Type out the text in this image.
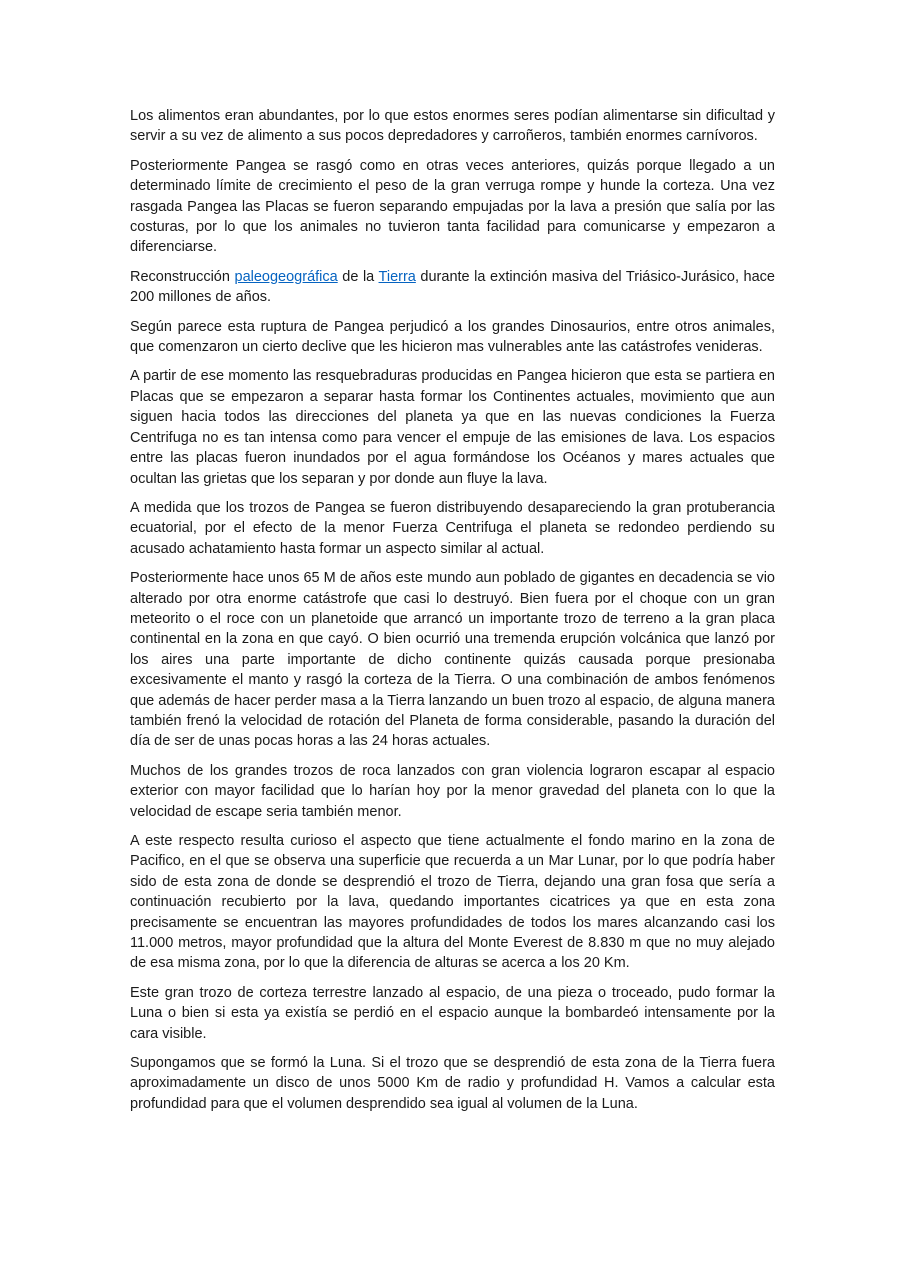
Los alimentos eran abundantes, por lo que estos enormes seres podían alimentarse sin dificultad y servir a su vez de alimento a sus pocos depredadores y carroñeros, también enormes carnívoros.

Posteriormente Pangea se rasgó como en otras veces anteriores, quizás porque llegado a un determinado límite de crecimiento el peso de la gran verruga rompe y hunde la corteza. Una vez rasgada Pangea las Placas se fueron separando empujadas por la lava a presión que salía por las costuras, por lo que los animales no tuvieron tanta facilidad para comunicarse y empezaron a diferenciarse.

Reconstrucción paleogeográfica de la Tierra durante la extinción masiva del Triásico-Jurásico, hace 200 millones de años.

Según parece esta ruptura de Pangea perjudicó a los grandes Dinosaurios, entre otros animales, que comenzaron un cierto declive que les hicieron mas vulnerables ante las catástrofes venideras.

A partir de ese momento las resquebraduras producidas en Pangea hicieron que esta se partiera en Placas que se empezaron a separar hasta formar los Continentes actuales, movimiento que aun siguen hacia todos las direcciones del planeta ya que en las nuevas condiciones la Fuerza Centrifuga no es tan intensa como para vencer el empuje de las emisiones de lava. Los espacios entre las placas fueron inundados por el agua formándose los Océanos y mares actuales que ocultan las grietas que los separan y por donde aun fluye la lava.

A medida que los trozos de Pangea se fueron distribuyendo desapareciendo la gran protuberancia ecuatorial, por el efecto de la menor Fuerza Centrifuga el planeta se redondeo perdiendo su acusado achatamiento hasta formar un aspecto similar al actual.

Posteriormente hace unos 65 M de años este mundo aun poblado de gigantes en decadencia se vio alterado por otra enorme catástrofe que casi lo destruyó. Bien fuera por el choque con un gran meteorito o el roce con un planetoide que arrancó un importante trozo de terreno a la gran placa continental en la zona en que cayó. O bien ocurrió una tremenda erupción volcánica que lanzó por los aires una parte importante de dicho continente quizás causada porque presionaba excesivamente el manto y rasgó la corteza de la Tierra. O una combinación de ambos fenómenos que además de hacer perder masa a la Tierra lanzando un buen trozo al espacio, de alguna manera también frenó la velocidad de rotación del Planeta de forma considerable, pasando la duración del día de ser de unas pocas horas a las 24 horas actuales.

Muchos de los grandes trozos de roca lanzados con gran violencia lograron escapar al espacio exterior con mayor facilidad que lo harían hoy por la menor gravedad del planeta con lo que la velocidad de escape seria también menor.

A este respecto resulta curioso el aspecto que tiene actualmente el fondo marino en la zona de Pacifico, en el que se observa una superficie que recuerda a un Mar Lunar, por lo que podría haber sido de esta zona de donde se desprendió el trozo de Tierra, dejando una gran fosa que sería a continuación recubierto por la lava, quedando importantes cicatrices ya que en esta zona precisamente se encuentran las mayores profundidades de todos los mares alcanzando casi los 11.000 metros, mayor profundidad que la altura del Monte Everest de 8.830 m que no muy alejado de esa misma zona, por lo que la diferencia de alturas se acerca a los 20 Km.

Este gran trozo de corteza terrestre lanzado al espacio, de una pieza o troceado, pudo formar la Luna o bien si esta ya existía se perdió en el espacio aunque la bombardeó intensamente por la cara visible.

Supongamos que se formó la Luna. Si el trozo que se desprendió de esta zona de la Tierra fuera aproximadamente un disco de unos 5000 Km de radio y profundidad H. Vamos a calcular esta profundidad para que el volumen desprendido sea igual al volumen de la Luna.
